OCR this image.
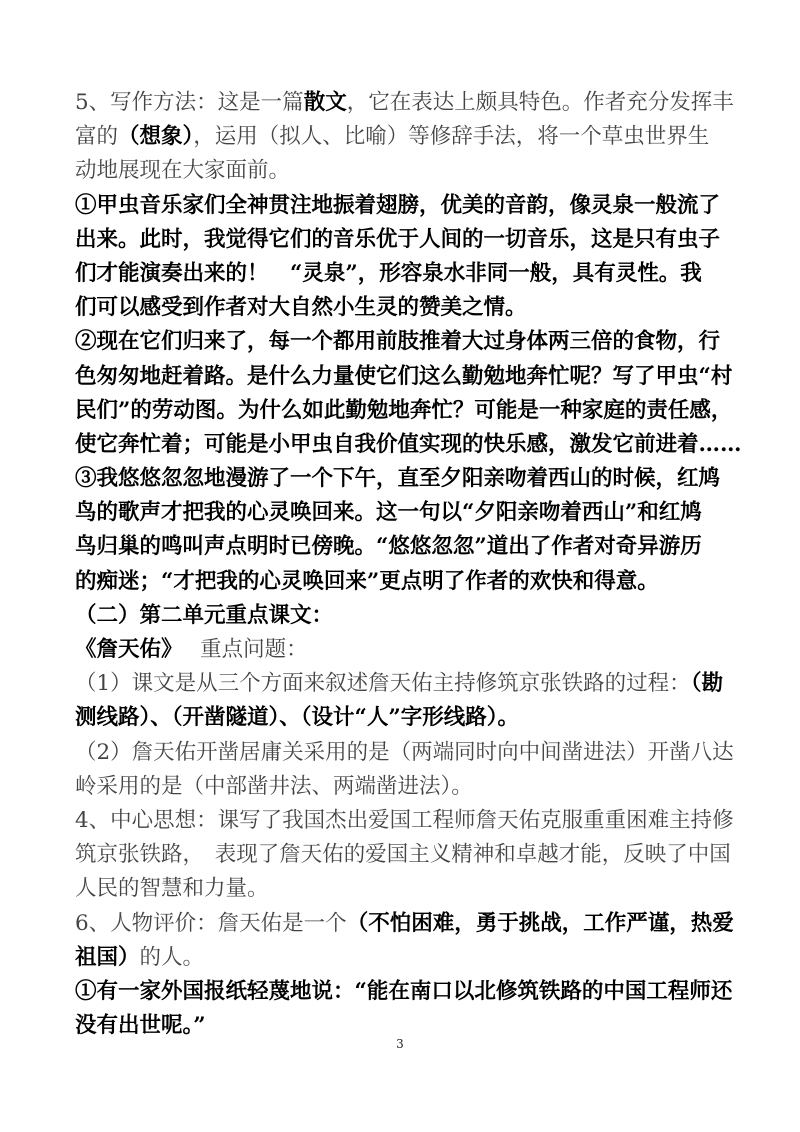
5、写作方法：这是一篇散文，它在表达上颇具特色。作者充分发挥丰
富的（想象），运用（拟人、比喻）等修辞手法，将一个草虫世界生
动地展现在大家面前。
①甲虫音乐家们全神贯注地振着翅膀，优美的音韵，像灵泉一般流了
出来。此时，我觉得它们的音乐优于人间的一切音乐，这是只有虫子
们才能演奏出来的！　“灵泉”，形容泉水非同一般，具有灵性。我
们可以感受到作者对大自然小生灵的赞美之情。
②现在它们归来了，每一个都用前肢推着大过身体两三倍的食物，行
色匆匆地赶着路。是什么力量使它们这么勤勉地奔忙呢？写了甲虫“村
民们”的劳动图。为什么如此勤勉地奔忙？可能是一种家庭的责任感，
使它奔忙着；可能是小甲虫自我价值实现的快乐感，激发它前进着……
③我悠悠忽忽地漫游了一个下午，直至夕阳亲吻着西山的时候，红鸠
鸟的歌声才把我的心灵唤回来。这一句以“夕阳亲吻着西山”和红鸠
鸟归巢的鸣叫声点明时已傍晚。“悠悠忽忽”道出了作者对奇异游历
的痴迷；“才把我的心灵唤回来”更点明了作者的欢快和得意。
（二）第二单元重点课文：
《詹天佑》　 重点问题：
（1）课文是从三个方面来叙述詹天佑主持修筑京张铁路的过程：（勘
测线路）、（开凿隧道）、（设计“人”字形线路）。
（2）詹天佑开凿居庸关采用的是（两端同时向中间凿进法）开凿八达
岭采用的是（中部凿井法、两端凿进法）。
4、中心思想：课写了我国杰出爱国工程师詹天佑克服重重困难主持修
筑京张铁路，　表现了詹天佑的爱国主义精神和卓越才能，反映了中国
人民的智慧和力量。
6、人物评价：詹天佑是一个（不怕困难，勇于挑战，工作严谨，热爱
祖国）的人。
①有一家外国报纸轻蔑地说：“能在南口以北修筑铁路的中国工程师还
没有出世呢。”
3
